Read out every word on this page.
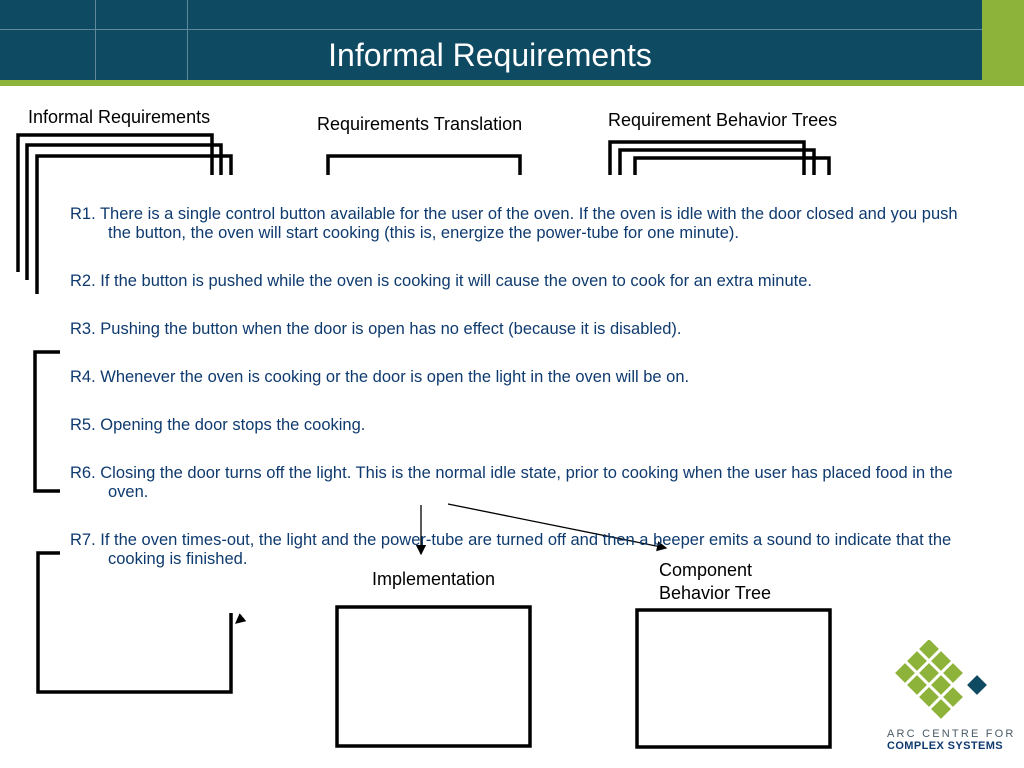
Informal Requirements
Informal Requirements	Requirements Translation	Requirement Behavior Trees
Implementation	Component
Behavior Tree

R1. There is a single control button available for the user of the oven. If the oven is idle with the door closed and you push the button, the oven will start cooking (this is, energize the power-tube for one minute).

R2. If the button is pushed while the oven is cooking it will cause the oven to cook for an extra minute.

R3. Pushing the button when the door is open has no effect (because it is disabled).

R4. Whenever the oven is cooking or the door is open the light in the oven will be on.

R5. Opening the door stops the cooking.

R6. Closing the door turns off the light. This is the normal idle state, prior to cooking when the user has placed food in the oven.

R7. If the oven times-out, the light and the power-tube are turned off and then a beeper emits a sound to indicate that the cooking is finished.

ARC CENTRE FOR
COMPLEX SYSTEMS
